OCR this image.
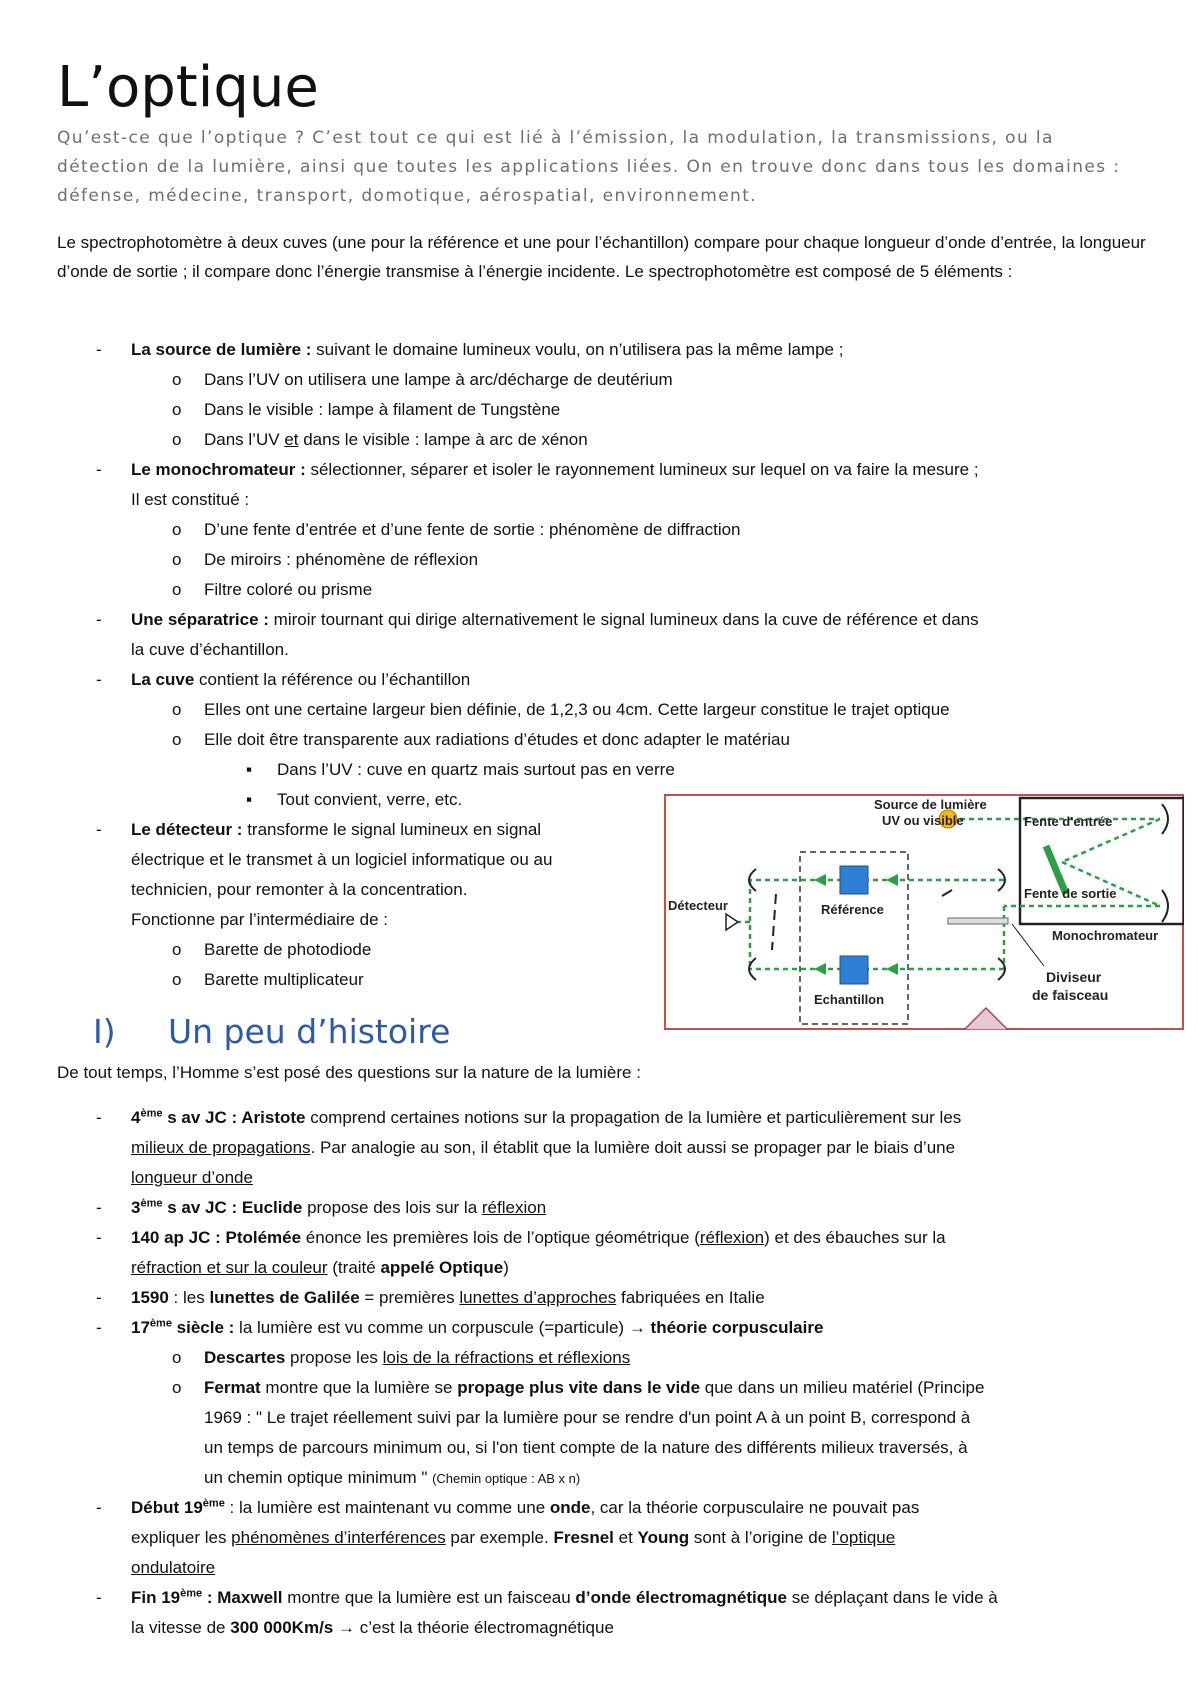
L’optique
Qu’est-ce que l’optique ? C’est tout ce qui est lié à l’émission, la modulation, la transmissions, ou la détection de la lumière, ainsi que toutes les applications liées. On en trouve donc dans tous les domaines : défense, médecine, transport, domotique, aérospatial, environnement.
Le spectrophotomètre à deux cuves (une pour la référence et une pour l’échantillon) compare pour chaque longueur d’onde d’entrée, la longueur d’onde de sortie ; il compare donc l’énergie transmise à l’énergie incidente. Le spectrophotomètre est composé de 5 éléments :
- La source de lumière : suivant le domaine lumineux voulu, on n’utilisera pas la même lampe ;
o Dans l’UV on utilisera une lampe à arc/décharge de deutérium
o Dans le visible : lampe à filament de Tungstène
o Dans l’UV et dans le visible : lampe à arc de xénon
- Le monochromateur : sélectionner, séparer et isoler le rayonnement lumineux sur lequel on va faire la mesure ;
Il est constitué :
o D’une fente d’entrée et d’une fente de sortie : phénomène de diffraction
o De miroirs : phénomène de réflexion
o Filtre coloré ou prisme
- Une séparatrice : miroir tournant qui dirige alternativement le signal lumineux dans la cuve de référence et dans
la cuve d’échantillon.
- La cuve contient la référence ou l’échantillon
o Elles ont une certaine largeur bien définie, de 1,2,3 ou 4cm. Cette largeur constitue le trajet optique
o Elle doit être transparente aux radiations d’études et donc adapter le matériau
▪ Dans l’UV : cuve en quartz mais surtout pas en verre
▪ Tout convient, verre, etc.
- Le détecteur : transforme le signal lumineux en signal
électrique et le transmet à un logiciel informatique ou au
technicien, pour remonter à la concentration.
Fonctionne par l’intermédiaire de :
o Barette de photodiode
o Barette multiplicateur
Source de lumière
UV ou visible	Fente d'entrée
Fente de sortie
Monochromateur
Détecteur	Référence
Echantillon
Diviseur
de faisceau
I) Un peu d’histoire
De tout temps, l’Homme s’est posé des questions sur la nature de la lumière :
- 4ème s av JC : Aristote comprend certaines notions sur la propagation de la lumière et particulièrement sur les
milieux de propagations. Par analogie au son, il établit que la lumière doit aussi se propager par le biais d’une
longueur d’onde
- 3ème s av JC : Euclide propose des lois sur la réflexion
- 140 ap JC : Ptolémée énonce les premières lois de l’optique géométrique (réflexion) et des ébauches sur la
réfraction et sur la couleur (traité appelé Optique)
- 1590 : les lunettes de Galilée = premières lunettes d’approches fabriquées en Italie
- 17ème siècle : la lumière est vu comme un corpuscule (=particule) → théorie corpusculaire
o Descartes propose les lois de la réfractions et réflexions
o Fermat montre que la lumière se propage plus vite dans le vide que dans un milieu matériel (Principe
1969 : " Le trajet réellement suivi par la lumière pour se rendre d'un point A à un point B, correspond à
un temps de parcours minimum ou, si l'on tient compte de la nature des différents milieux traversés, à
un chemin optique minimum " (Chemin optique : AB x n)
- Début 19ème : la lumière est maintenant vu comme une onde, car la théorie corpusculaire ne pouvait pas
expliquer les phénomènes d’interférences par exemple. Fresnel et Young sont à l’origine de l’optique
ondulatoire
- Fin 19ème : Maxwell montre que la lumière est un faisceau d’onde électromagnétique se déplaçant dans le vide à
la vitesse de 300 000Km/s → c’est la théorie électromagnétique
